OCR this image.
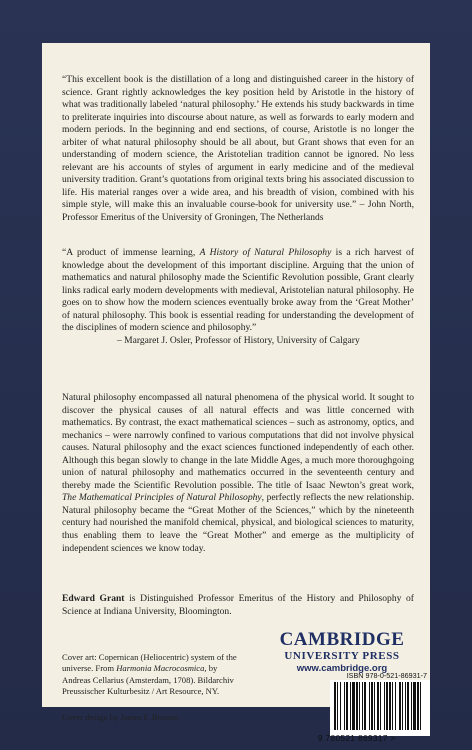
“This excellent book is the distillation of a long and distinguished career in the history of science. Grant rightly acknowledges the key position held by Aristotle in the history of what was traditionally labeled ‘natural philosophy.’ He extends his study backwards in time to preliterate inquiries into discourse about nature, as well as forwards to early modern and modern periods. In the beginning and end sections, of course, Aristotle is no longer the arbiter of what natural philosophy should be all about, but Grant shows that even for an understanding of modern science, the Aristotelian tradition cannot be ignored. No less relevant are his accounts of styles of argument in early medicine and of the medieval university tradition. Grant’s quotations from original texts bring his associated discussion to life. His material ranges over a wide area, and his breadth of vision, combined with his simple style, will make this an invaluable course-book for university use.” – John North, Professor Emeritus of the University of Groningen, The Netherlands

“A product of immense learning, A History of Natural Philosophy is a rich harvest of knowledge about the development of this important discipline. Arguing that the union of mathematics and natural philosophy made the Scientific Revolution possible, Grant clearly links radical early modern developments with medieval, Aristotelian natural philosophy. He goes on to show how the modern sciences eventually broke away from the ‘Great Mother’ of natural philosophy. This book is essential reading for understanding the development of the disciplines of modern science and philosophy.”

– Margaret J. Osler, Professor of History, University of Calgary

Natural philosophy encompassed all natural phenomena of the physical world. It sought to discover the physical causes of all natural effects and was little concerned with mathematics. By contrast, the exact mathematical sciences – such as astronomy, optics, and mechanics – were narrowly confined to various computations that did not involve physical causes. Natural philosophy and the exact sciences functioned independently of each other. Although this began slowly to change in the late Middle Ages, a much more thoroughgoing union of natural philosophy and mathematics occurred in the seventeenth century and thereby made the Scientific Revolution possible. The title of Isaac Newton’s great work, The Mathematical Principles of Natural Philosophy, perfectly reflects the new relationship. Natural philosophy became the “Great Mother of the Sciences,” which by the nineteenth century had nourished the manifold chemical, physical, and biological sciences to maturity, thus enabling them to leave the “Great Mother” and emerge as the multiplicity of independent sciences we know today.

Edward Grant is Distinguished Professor Emeritus of the History and Philosophy of Science at Indiana University, Bloomington.

CAMBRIDGE
UNIVERSITY PRESS
www.cambridge.org
Cover art: Copernican (Heliocentric) system of the universe. From Harmonia Macrocosmica, by Andreas Cellarius (Amsterdam, 1708). Bildarchiv Preussischer Kulturbesitz / Art Resource, NY.
Cover design by James F. Brisson
ISBN 978-0-521-86931-7
9 780521 869317 >
